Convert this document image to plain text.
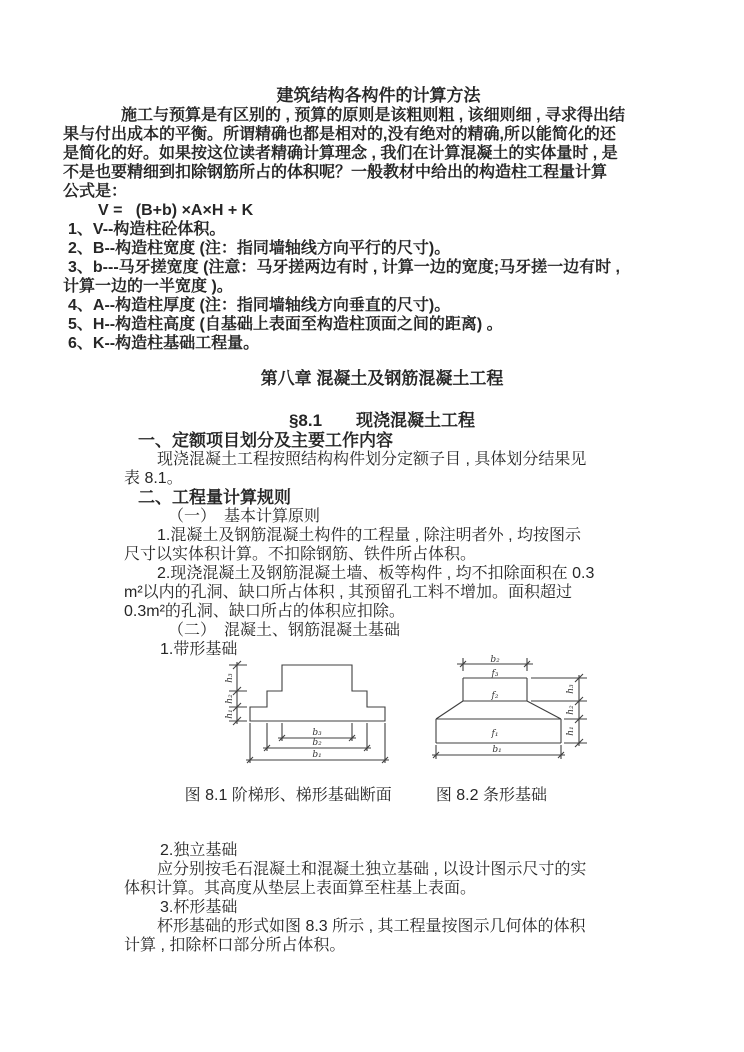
建筑结构各构件的计算方法
施工与预算是有区别的 , 预算的原则是该粗则粗 , 该细则细 , 寻求得出结
果与付出成本的平衡。所谓精确也都是相对的,没有绝对的精确,所以能简化的还
是简化的好。如果按这位读者精确计算理念 , 我们在计算混凝土的实体量时 , 是
不是也要精细到扣除钢筋所占的体积呢？一般教材中给出的构造柱工程量计算
公式是：
V =   (B+b) ×A×H + K
1、V--构造柱砼体积。
2、B--构造柱宽度 (注：指同墙轴线方向平行的尺寸)。
3、b---马牙搓宽度 (注意：马牙搓两边有时 , 计算一边的宽度;马牙搓一边有时 ,
计算一边的一半宽度 )。
4、A--构造柱厚度 (注：指同墙轴线方向垂直的尺寸)。
5、H--构造柱高度 (自基础上表面至构造柱顶面之间的距离) 。
6、K--构造柱基础工程量。
第八章 混凝土及钢筋混凝土工程
§8.1　　现浇混凝土工程
一、定额项目划分及主要工作内容
现浇混凝土工程按照结构构件划分定额子目 , 具体划分结果见
表 8.1。
二、工程量计算规则
（一）　基本计算原则
1.混凝土及钢筋混凝土构件的工程量 , 除注明者外 , 均按图示
尺寸以实体积计算。不扣除钢筋、铁件所占体积。
2.现浇混凝土及钢筋混凝土墙、板等构件 , 均不扣除面积在 0.3
m²以内的孔洞、缺口所占体积 , 其预留孔工料不增加。面积超过
0.3m²的孔洞、缺口所占的体积应扣除。
（二）　混凝土、钢筋混凝土基础
1.带形基础
h₃
h₂
h₁
b₃
b₂
b₁
b₂
f₃
f₂
f₁
b₁
h₃
h₂
h₁

图 8.1 阶梯形、梯形基础断面	图 8.2 条形基础

2.独立基础
应分别按毛石混凝土和混凝土独立基础 , 以设计图示尺寸的实
体积计算。其高度从垫层上表面算至柱基上表面。
3.杯形基础
杯形基础的形式如图 8.3 所示 , 其工程量按图示几何体的体积
计算 , 扣除杯口部分所占体积。
